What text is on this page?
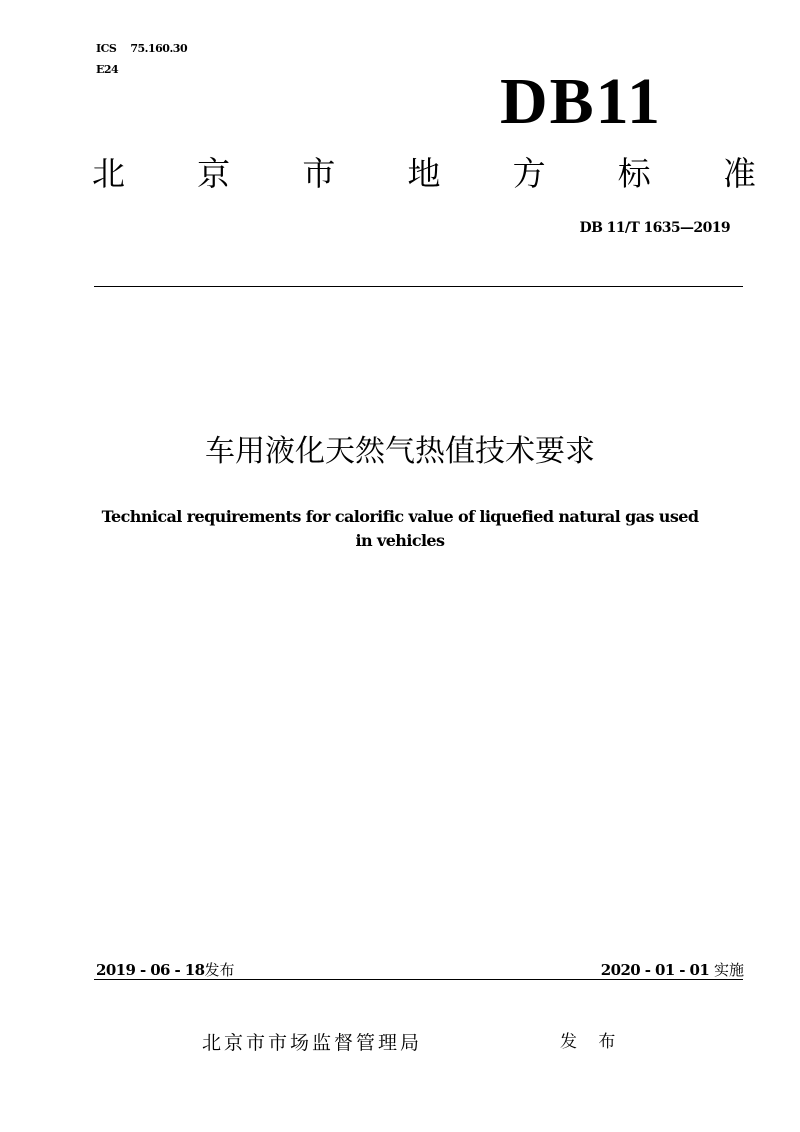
ICS 75.160.30
E24	DB11
北 京 市 地 方 标 准
DB 11/T 1635—2019
车用液化天然气热值技术要求
Technical requirements for calorific value of liquefied natural gas used
in vehicles
2019 - 06 - 18发布	2020 - 01 - 01 实施
北京市市场监督管理局	发 布
